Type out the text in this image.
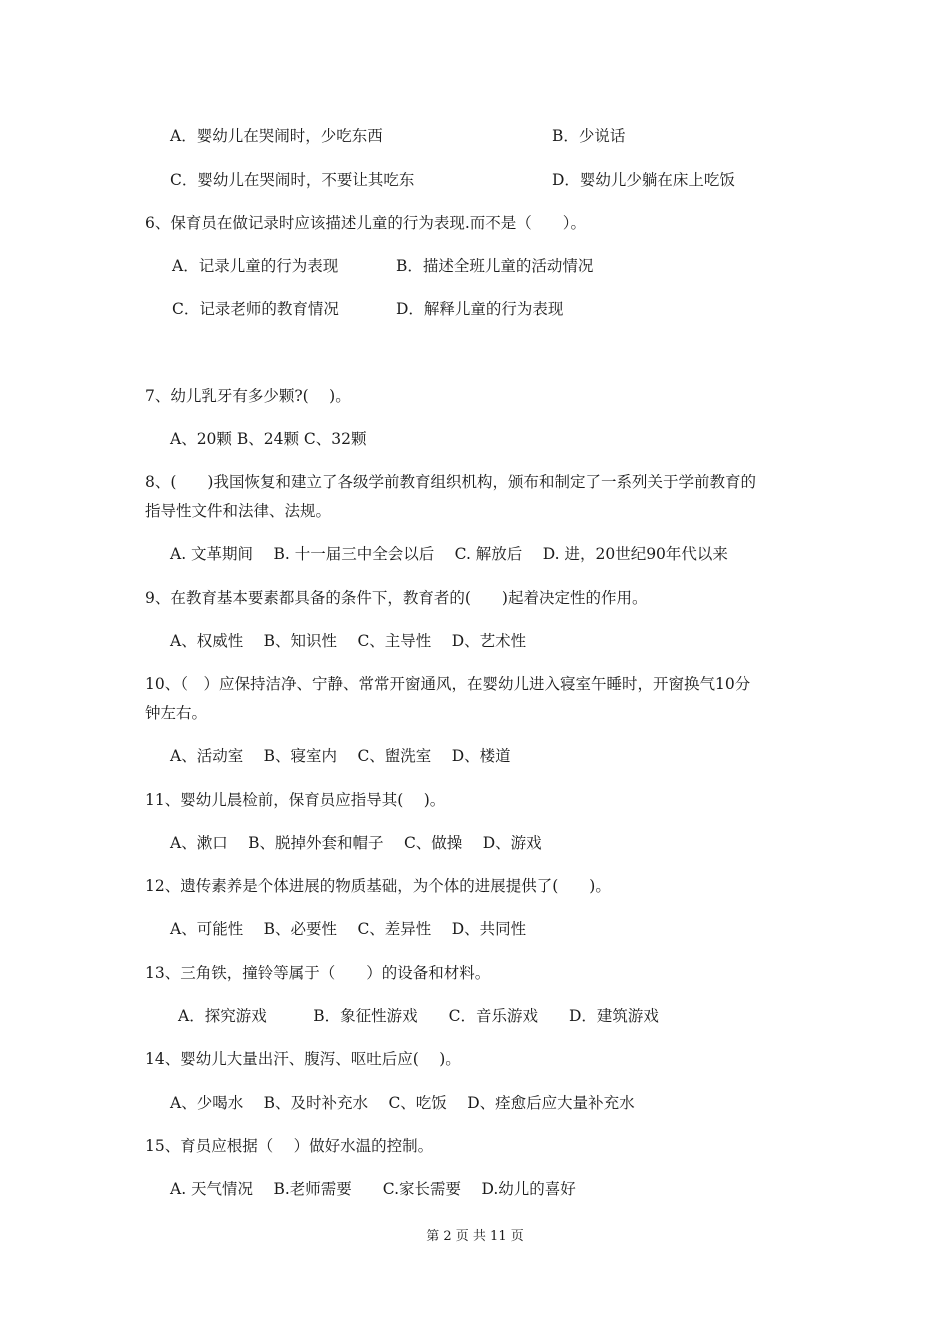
A．婴幼儿在哭闹时，少吃东西	B．少说话
C．婴幼儿在哭闹时，不要让其吃东	D．婴幼儿少躺在床上吃饭
6、保育员在做记录时应该描述儿童的行为表现.而不是（　　）。
A．记录儿童的行为表现	B．描述全班儿童的活动情况
C．记录老师的教育情况	D．解释儿童的行为表现
7、幼儿乳牙有多少颗?(　 )。
A、20颗 B、24颗 C、32颗
8、(　　)我国恢复和建立了各级学前教育组织机构，颁布和制定了一系列关于学前教育的
指导性文件和法律、法规。
A. 文革期间　 B. 十一届三中全会以后　 C. 解放后　 D. 进，20世纪90年代以来
9、在教育基本要素都具备的条件下，教育者的(　　)起着决定性的作用。
A、权威性　 B、知识性　 C、主导性　 D、艺术性
10、（　）应保持洁净、宁静、常常开窗通风，在婴幼儿进入寝室午睡时，开窗换气10分
钟左右。
A、活动室　 B、寝室内　 C、盥洗室　 D、楼道
11、婴幼儿晨检前，保育员应指导其(　 )。
A、漱口　 B、脱掉外套和帽子　 C、做操　 D、游戏
12、遗传素养是个体进展的物质基础，为个体的进展提供了(　　)。
A、可能性　 B、必要性　 C、差异性　 D、共同性
13、三角铁，撞铃等属于（　　）的设备和材料。
A．探究游戏　　　B．象征性游戏　　C．音乐游戏　　D．建筑游戏
14、婴幼儿大量出汗、腹泻、呕吐后应(　 )。
A、少喝水　 B、及时补充水　 C、吃饭　 D、痊愈后应大量补充水
15、育员应根据（　 ）做好水温的控制。
A. 天气情况　 B.老师需要　　C.家长需要　 D.幼儿的喜好
第 2 页 共 11 页
